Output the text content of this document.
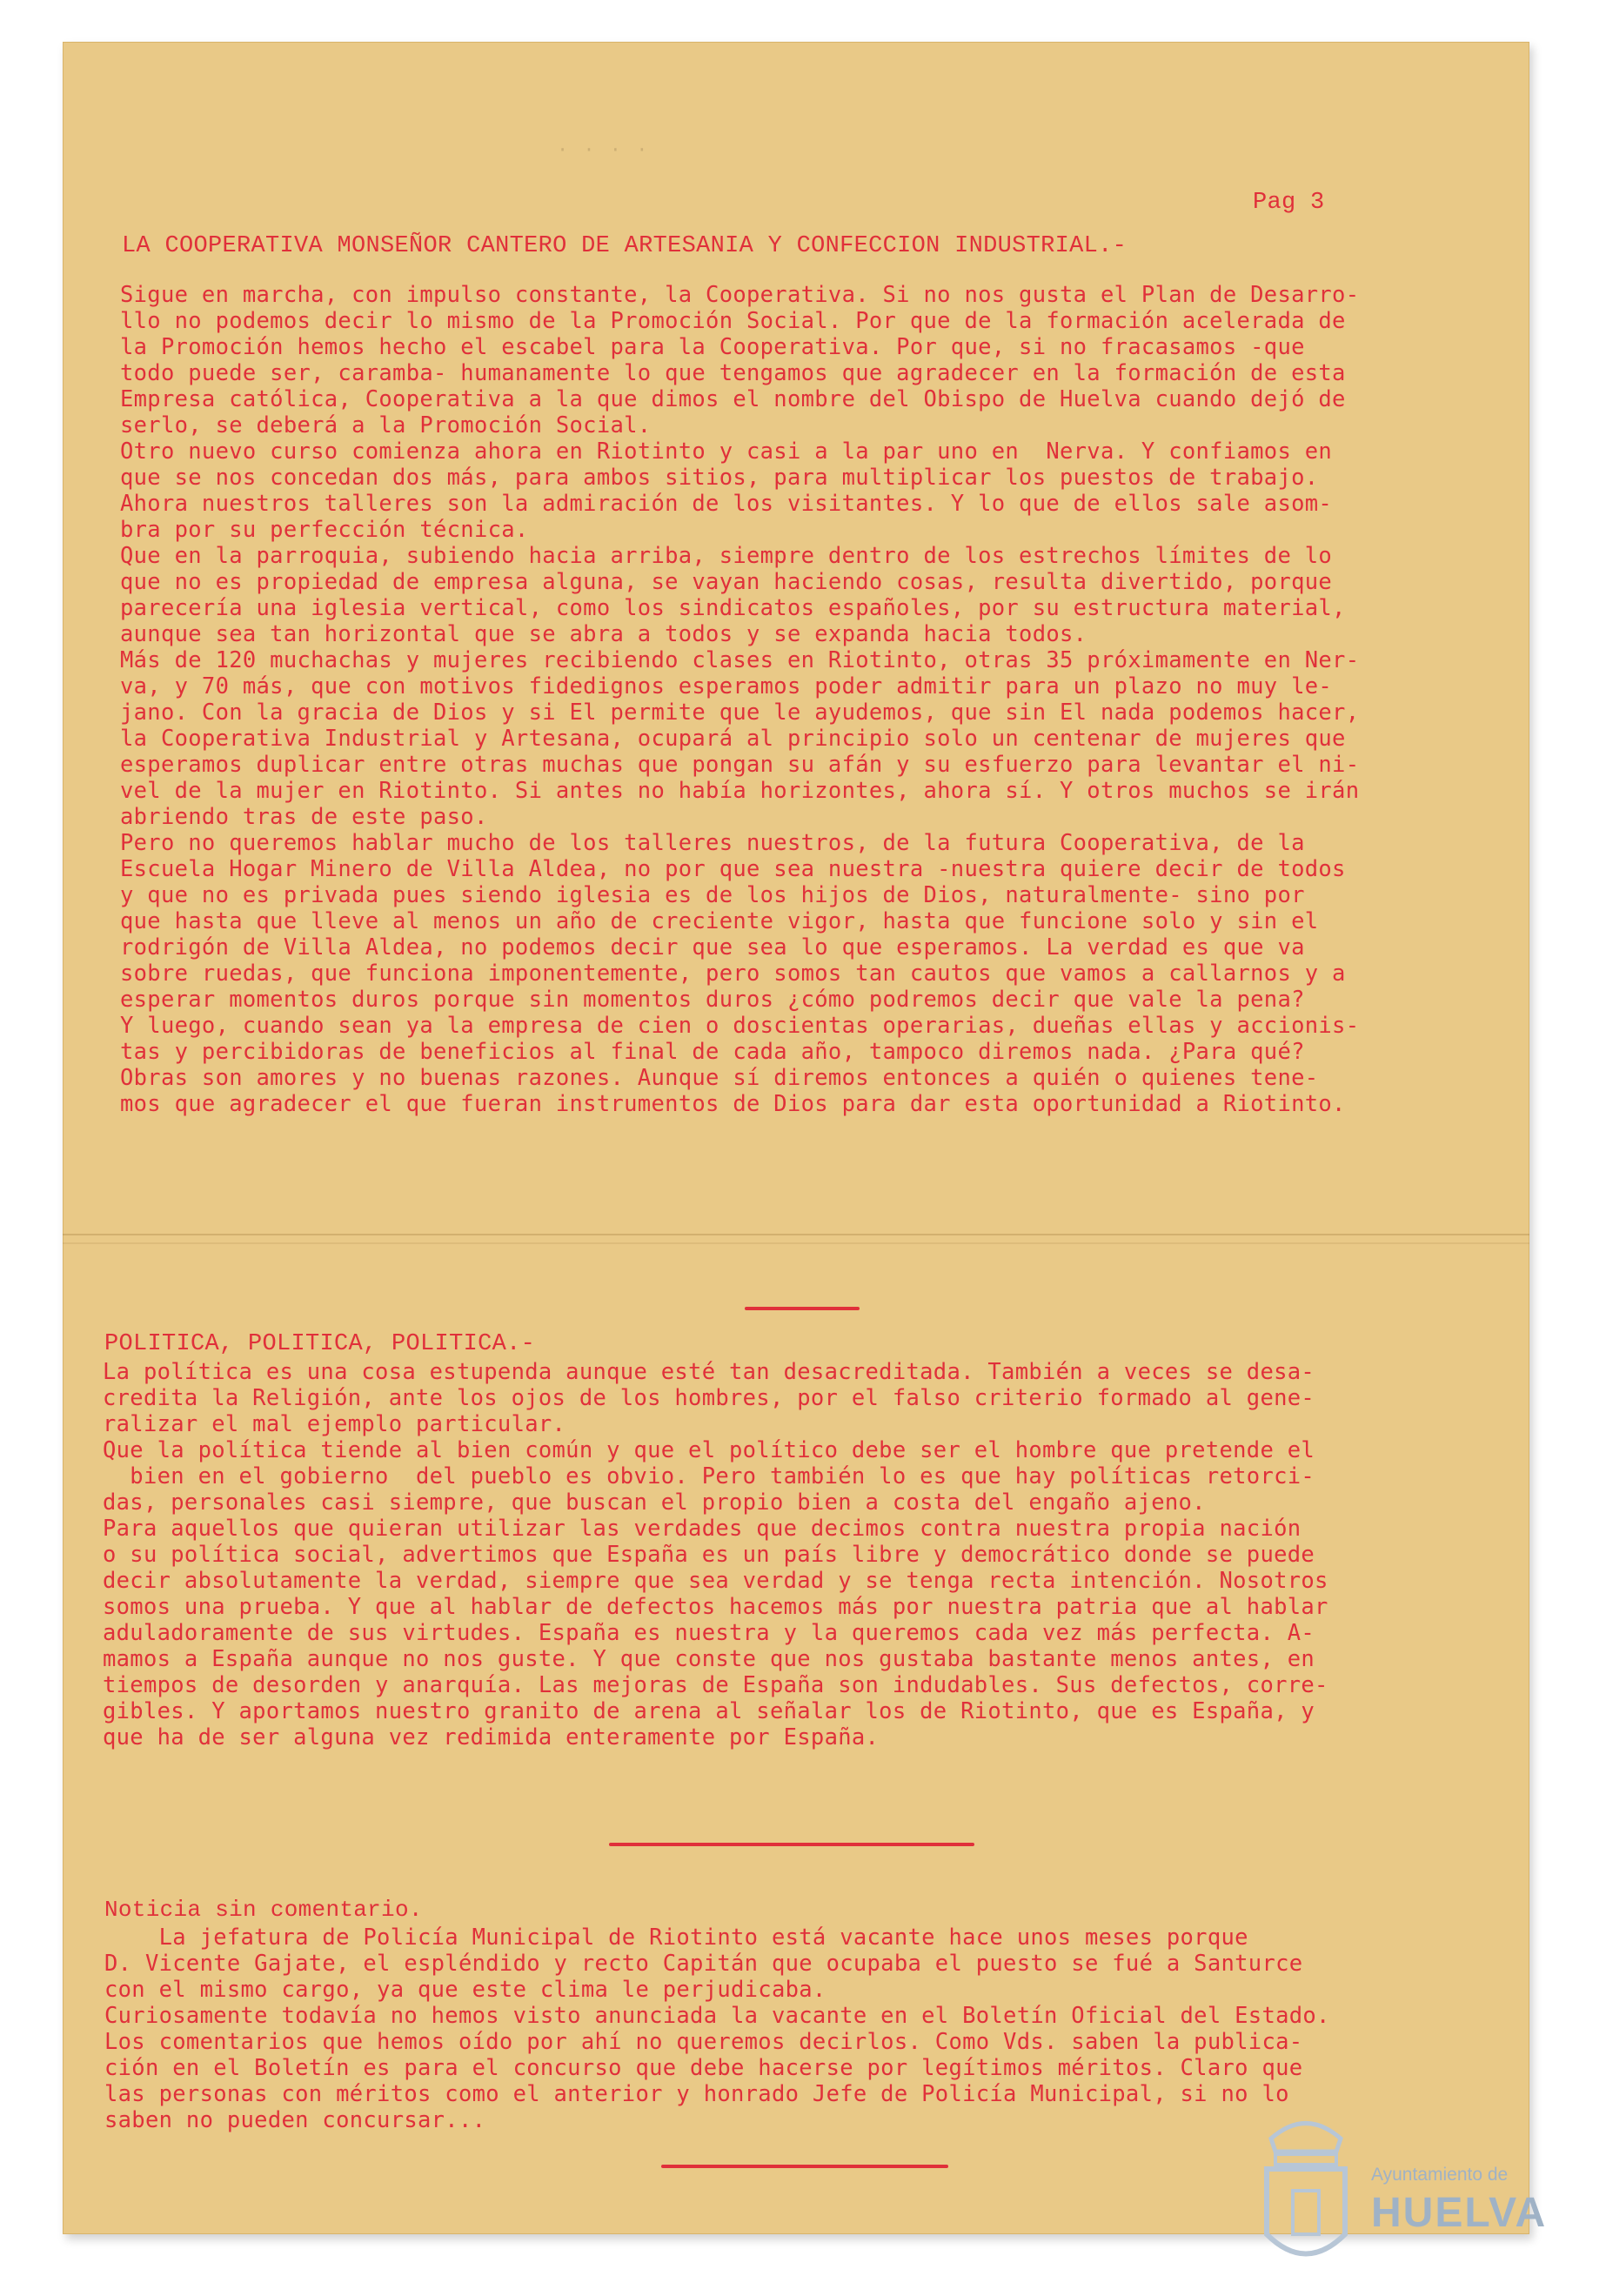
· · · ·
Pag 3
LA COOPERATIVA MONSEÑOR CANTERO DE ARTESANIA Y CONFECCION INDUSTRIAL.-
Sigue en marcha, con impulso constante, la Cooperativa. Si no nos gusta el Plan de Desarro-
llo no podemos decir lo mismo de la Promoción Social. Por que de la formación acelerada de
la Promoción hemos hecho el escabel para la Cooperativa. Por que, si no fracasamos -que
todo puede ser, caramba- humanamente lo que tengamos que agradecer en la formación de esta
Empresa católica, Cooperativa a la que dimos el nombre del Obispo de Huelva cuando dejó de
serlo, se deberá a la Promoción Social.
Otro nuevo curso comienza ahora en Riotinto y casi a la par uno en  Nerva. Y confiamos en
que se nos concedan dos más, para ambos sitios, para multiplicar los puestos de trabajo.
Ahora nuestros talleres son la admiración de los visitantes. Y lo que de ellos sale asom-
bra por su perfección técnica.
Que en la parroquia, subiendo hacia arriba, siempre dentro de los estrechos límites de lo
que no es propiedad de empresa alguna, se vayan haciendo cosas, resulta divertido, porque
parecería una iglesia vertical, como los sindicatos españoles, por su estructura material,
aunque sea tan horizontal que se abra a todos y se expanda hacia todos.
Más de 120 muchachas y mujeres recibiendo clases en Riotinto, otras 35 próximamente en Ner-
va, y 70 más, que con motivos fidedignos esperamos poder admitir para un plazo no muy le-
jano. Con la gracia de Dios y si El permite que le ayudemos, que sin El nada podemos hacer,
la Cooperativa Industrial y Artesana, ocupará al principio solo un centenar de mujeres que
esperamos duplicar entre otras muchas que pongan su afán y su esfuerzo para levantar el ni-
vel de la mujer en Riotinto. Si antes no había horizontes, ahora sí. Y otros muchos se irán
abriendo tras de este paso.
Pero no queremos hablar mucho de los talleres nuestros, de la futura Cooperativa, de la
Escuela Hogar Minero de Villa Aldea, no por que sea nuestra -nuestra quiere decir de todos
y que no es privada pues siendo iglesia es de los hijos de Dios, naturalmente- sino por
que hasta que lleve al menos un año de creciente vigor, hasta que funcione solo y sin el
rodrigón de Villa Aldea, no podemos decir que sea lo que esperamos. La verdad es que va
sobre ruedas, que funciona imponentemente, pero somos tan cautos que vamos a callarnos y a
esperar momentos duros porque sin momentos duros ¿cómo podremos decir que vale la pena?
Y luego, cuando sean ya la empresa de cien o doscientas operarias, dueñas ellas y accionis-
tas y percibidoras de beneficios al final de cada año, tampoco diremos nada. ¿Para qué?
Obras son amores y no buenas razones. Aunque sí diremos entonces a quién o quienes tene-
mos que agradecer el que fueran instrumentos de Dios para dar esta oportunidad a Riotinto.
POLITICA, POLITICA, POLITICA.-
La política es una cosa estupenda aunque esté tan desacreditada. También a veces se desa-
credita la Religión, ante los ojos de los hombres, por el falso criterio formado al gene-
ralizar el mal ejemplo particular.
Que la política tiende al bien común y que el político debe ser el hombre que pretende el
bien en el gobierno  del pueblo es obvio. Pero también lo es que hay políticas retorci-
das, personales casi siempre, que buscan el propio bien a costa del engaño ajeno.
Para aquellos que quieran utilizar las verdades que decimos contra nuestra propia nación
o su política social, advertimos que España es un país libre y democrático donde se puede
decir absolutamente la verdad, siempre que sea verdad y se tenga recta intención. Nosotros
somos una prueba. Y que al hablar de defectos hacemos más por nuestra patria que al hablar
aduladoramente de sus virtudes. España es nuestra y la queremos cada vez más perfecta. A-
mamos a España aunque no nos guste. Y que conste que nos gustaba bastante menos antes, en
tiempos de desorden y anarquía. Las mejoras de España son indudables. Sus defectos, corre-
gibles. Y aportamos nuestro granito de arena al señalar los de Riotinto, que es España, y
que ha de ser alguna vez redimida enteramente por España.
Noticia sin comentario.
La jefatura de Policía Municipal de Riotinto está vacante hace unos meses porque
D. Vicente Gajate, el espléndido y recto Capitán que ocupaba el puesto se fué a Santurce
con el mismo cargo, ya que este clima le perjudicaba.
Curiosamente todavía no hemos visto anunciada la vacante en el Boletín Oficial del Estado.
Los comentarios que hemos oído por ahí no queremos decirlos. Como Vds. saben la publica-
ción en el Boletín es para el concurso que debe hacerse por legítimos méritos. Claro que
las personas con méritos como el anterior y honrado Jefe de Policía Municipal, si no lo
saben no pueden concursar...
Ayuntamiento de
HUELVA
